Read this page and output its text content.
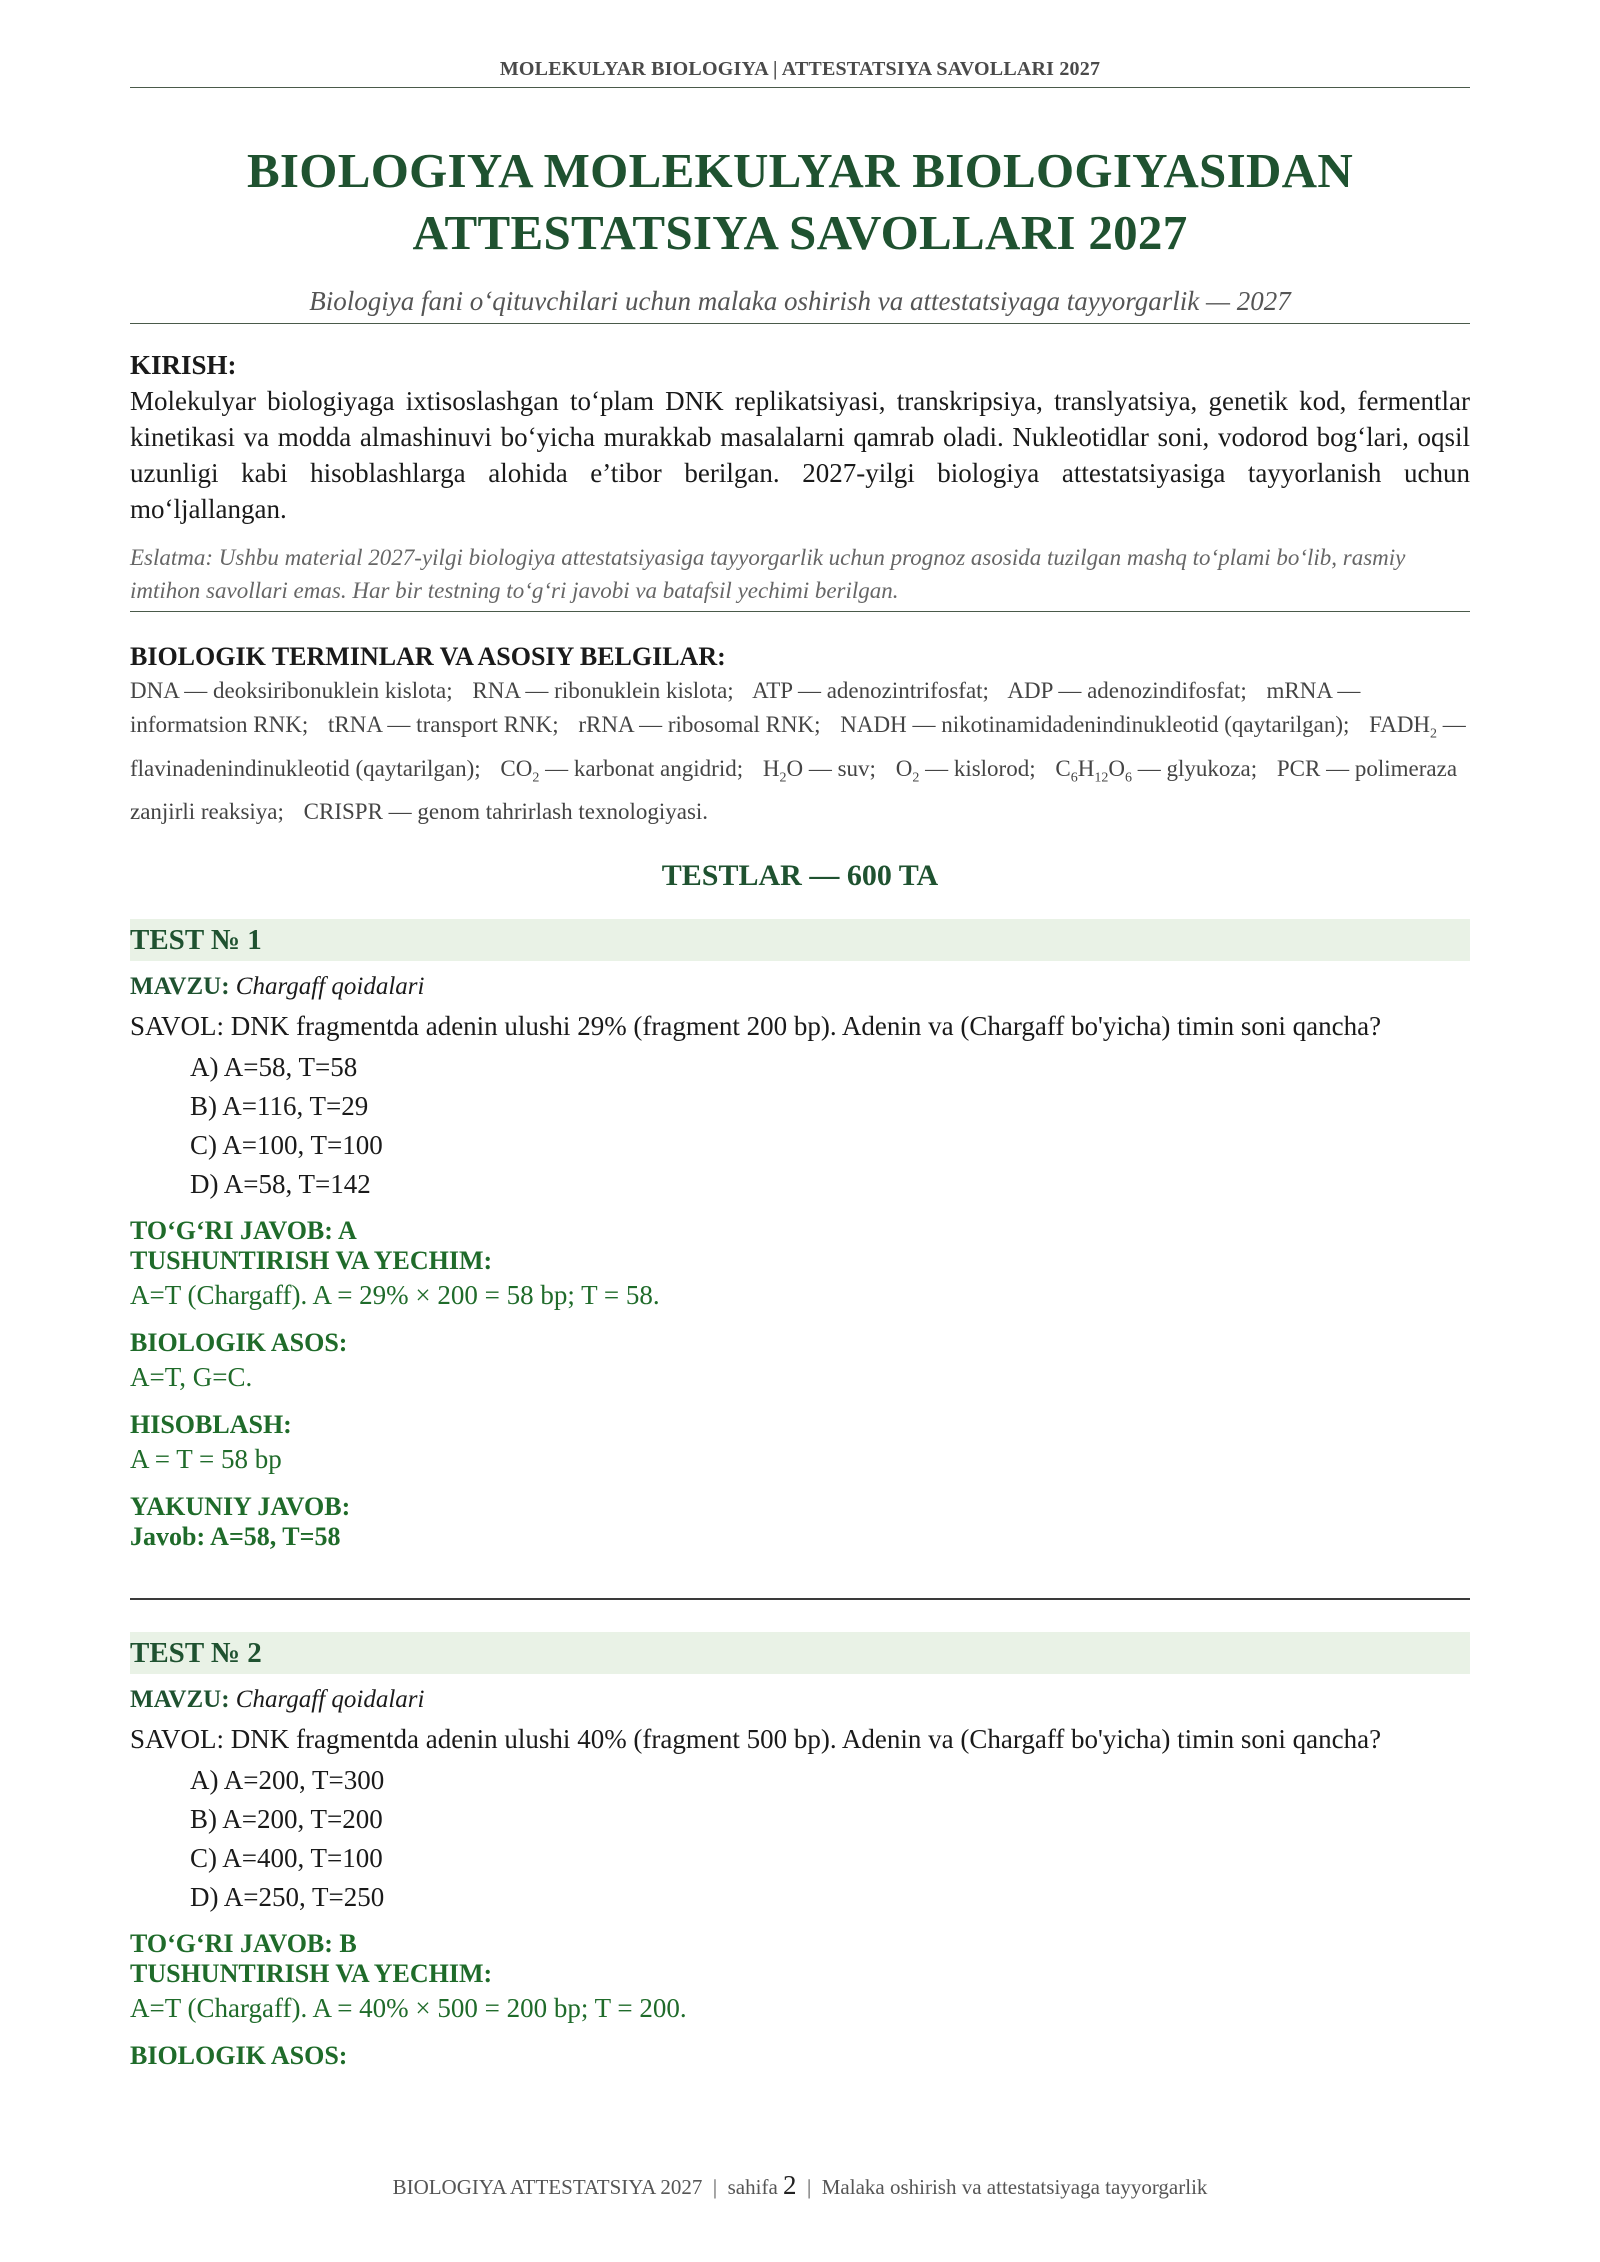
MOLEKULYAR BIOLOGIYA | ATTESTATSIYA SAVOLLARI 2027
BIOLOGIYA MOLEKULYAR BIOLOGIYASIDAN
ATTESTATSIYA SAVOLLARI 2027
Biologiya fani o‘qituvchilari uchun malaka oshirish va attestatsiyaga tayyorgarlik — 2027
KIRISH:
Molekulyar biologiyaga ixtisoslashgan to‘plam DNK replikatsiyasi, transkripsiya, translyatsiya, genetik kod, fermentlar kinetikasi va modda almashinuvi bo‘yicha murakkab masalalarni qamrab oladi. Nukleotidlar soni, vodorod bog‘lari, oqsil uzunligi kabi hisoblashlarga alohida e’tibor berilgan. 2027-yilgi biologiya attestatsiyasiga tayyorlanish uchun mo‘ljallangan.
Eslatma: Ushbu material 2027-yilgi biologiya attestatsiyasiga tayyorgarlik uchun prognoz asosida tuzilgan mashq to‘plami bo‘lib, rasmiy imtihon savollari emas. Har bir testning to‘g‘ri javobi va batafsil yechimi berilgan.
BIOLOGIK TERMINLAR VA ASOSIY BELGILAR:
DNA — deoksiribonuklein kislota; RNA — ribonuklein kislota; ATP — adenozintrifosfat; ADP — adenozindifosfat; mRNA — informatsion RNK; tRNA — transport RNK; rRNA — ribosomal RNK; NADH — nikotinamidadenindinukleotid (qaytarilgan); $FADH_2$ — flavinadenindinukleotid (qaytarilgan); $CO_2$ — karbonat angidrid; $H_2O$ — suv; $O_2$ — kislorod; $C_6H_{12}O_6$ — glyukoza; PCR — polimeraza zanjirli reaksiya; CRISPR — genom tahrirlash texnologiyasi.
TESTLAR — 600 TA
TEST № 1
MAVZU: Chargaff qoidalari
SAVOL: DNK fragmentda adenin ulushi 29% (fragment 200 bp). Adenin va (Chargaff bo'yicha) timin soni qancha?
A) A=58, T=58
B) A=116, T=29
C) A=100, T=100
D) A=58, T=142
TO‘G‘RI JAVOB: A
TUSHUNTIRISH VA YECHIM:
A=T (Chargaff). A = 29% × 200 = 58 bp; T = 58.
BIOLOGIK ASOS:
A=T, G=C.
HISOBLASH:
A = T = 58 bp
YAKUNIY JAVOB:
Javob: A=58, T=58
TEST № 2
MAVZU: Chargaff qoidalari
SAVOL: DNK fragmentda adenin ulushi 40% (fragment 500 bp). Adenin va (Chargaff bo'yicha) timin soni qancha?
A) A=200, T=300
B) A=200, T=200
C) A=400, T=100
D) A=250, T=250
TO‘G‘RI JAVOB: B
TUSHUNTIRISH VA YECHIM:
A=T (Chargaff). A = 40% × 500 = 200 bp; T = 200.
BIOLOGIK ASOS:
BIOLOGIYA ATTESTATSIYA 2027 | sahifa 2 | Malaka oshirish va attestatsiyaga tayyorgarlik
